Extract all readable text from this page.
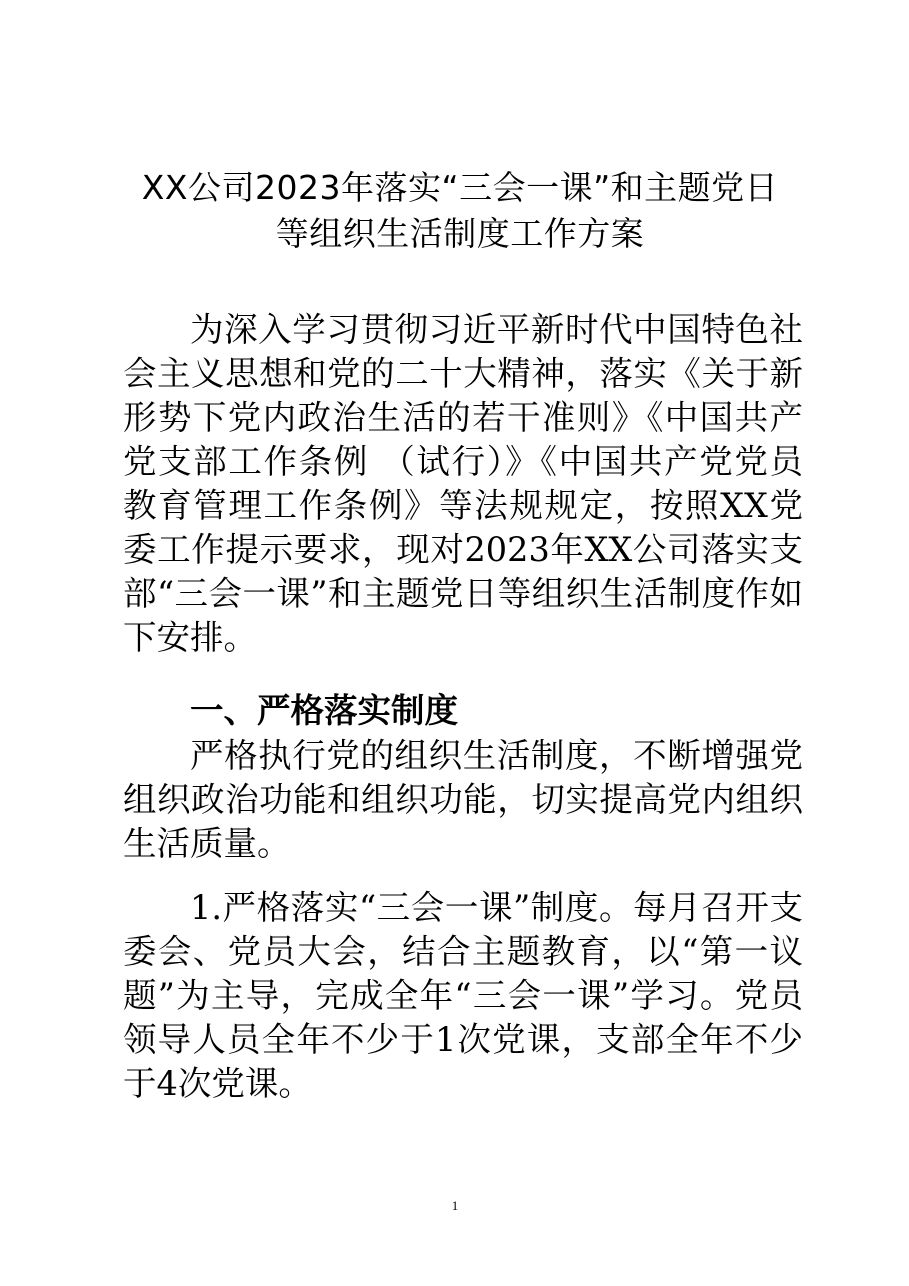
XX公司2023年落实“三会一课”和主题党日
等组织生活制度工作方案

为深入学习贯彻习近平新时代中国特色社会主义思想和党的二十大精神，落实《关于新形势下党内政治生活的若干准则》《中国共产党支部工作条例 （试行）》《中国共产党党员教育管理工作条例》等法规规定，按照XX党委工作提示要求，现对2023年XX公司落实支部“三会一课”和主题党日等组织生活制度作如下安排。

一、严格落实制度

严格执行党的组织生活制度，不断增强党组织政治功能和组织功能，切实提高党内组织生活质量。

1.严格落实“三会一课”制度。每月召开支委会、党员大会，结合主题教育，以“第一议题”为主导，完成全年“三会一课”学习。党员领导人员全年不少于1次党课，支部全年不少于4次党课。

1
